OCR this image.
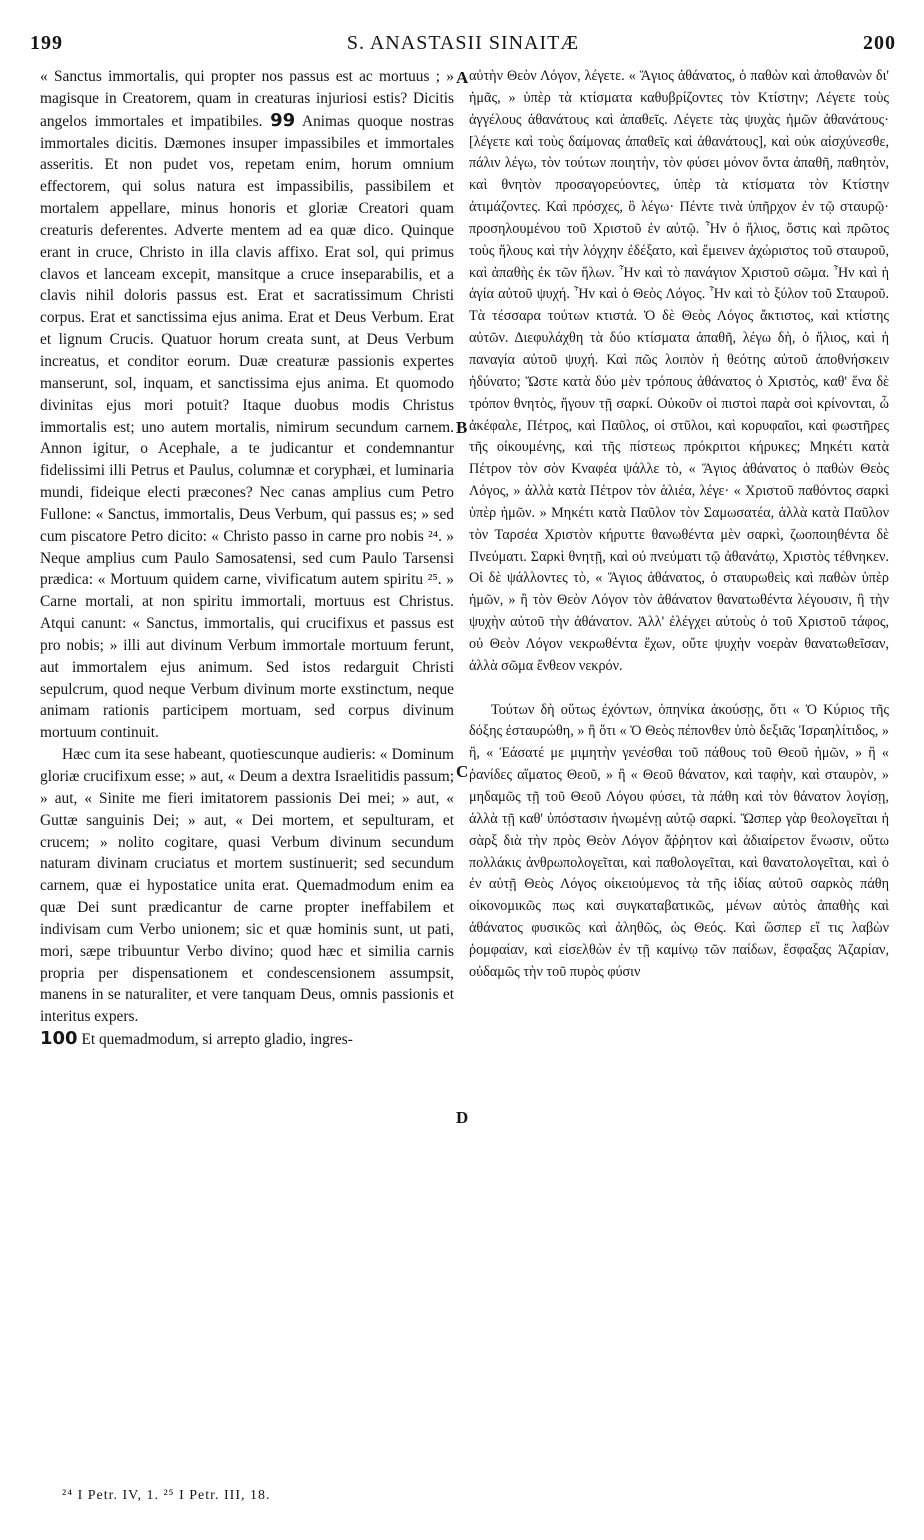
199	S. ANASTASII SINAITÆ	200

« Sanctus immortalis, qui propter nos passus est ac mortuus ; » magisque in Creatorem, quam in creaturas injuriosi estis? Dicitis angelos immortales et impatibiles. 99 Animas quoque nostras immortales dicitis. Dæmones insuper impassibiles et immortales asseritis. Et non pudet vos, repetam enim, horum omnium effectorem, qui solus natura est impassibilis, passibilem et mortalem appellare, minus honoris et gloriæ Creatori quam creaturis deferentes. Adverte mentem ad ea quæ dico. Quinque erant in cruce, Christo in illa clavis affixo. Erat sol, qui primus clavos et lanceam excepit, mansitque a cruce inseparabilis, et a clavis nihil doloris passus est. Erat et sacratissimum Christi corpus. Erat et sanctissima ejus anima. Erat et Deus Verbum. Erat et lignum Crucis. Quatuor horum creata sunt, at Deus Verbum increatus, et conditor eorum. Duæ creaturæ passionis expertes manserunt, sol, inquam, et sanctissima ejus anima. Et quomodo divinitas ejus mori potuit? Itaque duobus modis Christus immortalis est; uno autem mortalis, nimirum secundum carnem. Annon igitur, o Acephale, a te judicantur et condemnantur fidelissimi illi Petrus et Paulus, columnæ et coryphæi, et luminaria mundi, fideique electi præcones? Nec canas amplius cum Petro Fullone: « Sanctus, immortalis, Deus Verbum, qui passus es; » sed cum piscatore Petro dicito: « Christo passo in carne pro nobis ²⁴. » Neque amplius cum Paulo Samosatensi, sed cum Paulo Tarsensi prædica: « Mortuum quidem carne, vivificatum autem spiritu ²⁵. » Carne mortali, at non spiritu immortali, mortuus est Christus. Atqui canunt: « Sanctus, immortalis, qui crucifixus et passus est pro nobis; » illi aut divinum Verbum immortale mortuum ferunt, aut immortalem ejus animum. Sed istos redarguit Christi sepulcrum, quod neque Verbum divinum morte exstinctum, neque animam rationis participem mortuam, sed corpus divinum mortuum continuit.

Hæc cum ita sese habeant, quotiescunque audieris: « Dominum gloriæ crucifixum esse; » aut, « Deum a dextra Israelitidis passum; » aut, « Sinite me fieri imitatorem passionis Dei mei; » aut, « Guttæ sanguinis Dei; » aut, « Dei mortem, et sepulturam, et crucem; » nolito cogitare, quasi Verbum divinum secundum naturam divinam cruciatus et mortem sustinuerit; sed secundum carnem, quæ ei hypostatice unita erat. Quemadmodum enim ea quæ Dei sunt prædicantur de carne propter ineffabilem et indivisam cum Verbo unionem; sic et quæ hominis sunt, ut pati, mori, sæpe tribuuntur Verbo divino; quod hæc et similia carnis propria per dispensationem et condescensionem assumpsit, manens in se naturaliter, et vere tanquam Deus, omnis passionis et interitus expers.

100 Et quemadmodum, si arrepto gladio, ingres-

A
B
C
D

αὐτὴν Θεὸν Λόγον, λέγετε. « Ἅγιος ἀθάνατος, ὁ παθὼν καὶ ἀποθανὼν δι' ἡμᾶς, » ὑπὲρ τὰ κτίσματα καθυβρίζοντες τὸν Κτίστην; Λέγετε τοὺς ἀγγέλους ἀθανάτους καὶ ἀπαθεῖς. Λέγετε τὰς ψυχὰς ἡμῶν ἀθανάτους· [λέγετε καὶ τοὺς δαίμονας ἀπαθεῖς καὶ ἀθανάτους], καὶ οὐκ αἰσχύνεσθε, πάλιν λέγω, τὸν τούτων ποιητὴν, τὸν φύσει μόνον ὄντα ἀπαθῆ, παθητὸν, καὶ θνητὸν προσαγορεύοντες, ὑπὲρ τὰ κτίσματα τὸν Κτίστην ἀτιμάζοντες. Καὶ πρόσχες, ὃ λέγω· Πέντε τινὰ ὑπῆρχον ἐν τῷ σταυρῷ· προσηλουμένου τοῦ Χριστοῦ ἐν αὐτῷ. Ἦν ὁ ἥλιος, ὅστις καὶ πρῶτος τοὺς ἥλους καὶ τὴν λόγχην ἐδέξατο, καὶ ἔμεινεν ἀχώριστος τοῦ σταυροῦ, καὶ ἀπαθὴς ἐκ τῶν ἥλων. Ἦν καὶ τὸ πανάγιον Χριστοῦ σῶμα. Ἦν καὶ ἡ ἁγία αὐτοῦ ψυχή. Ἦν καὶ ὁ Θεὸς Λόγος. Ἦν καὶ τὸ ξύλον τοῦ Σταυροῦ. Τὰ τέσσαρα τούτων κτιστά. Ὁ δὲ Θεὸς Λόγος ἄκτιστος, καὶ κτίστης αὐτῶν. Διεφυλάχθη τὰ δύο κτίσματα ἀπαθῆ, λέγω δὴ, ὁ ἥλιος, καὶ ἡ παναγία αὐτοῦ ψυχή. Καὶ πῶς λοιπὸν ἡ θεότης αὐτοῦ ἀποθνήσκειν ἠδύνατο; Ὥστε κατὰ δύο μὲν τρόπους ἀθάνατος ὁ Χριστὸς, καθ' ἕνα δὲ τρόπον θνητὸς, ἤγουν τῇ σαρκί. Οὐκοῦν οἱ πιστοὶ παρὰ σοὶ κρίνονται, ὦ ἀκέφαλε, Πέτρος, καὶ Παῦλος, οἱ στῦλοι, καὶ κορυφαῖοι, καὶ φωστῆρες τῆς οἰκουμένης, καὶ τῆς πίστεως πρόκριτοι κήρυκες; Μηκέτι κατὰ Πέτρον τὸν σὸν Κναφέα ψάλλε τὸ, « Ἅγιος ἀθάνατος ὁ παθὼν Θεὸς Λόγος, » ἀλλὰ κατὰ Πέτρον τὸν ἁλιέα, λέγε· « Χριστοῦ παθόντος σαρκὶ ὑπὲρ ἡμῶν. » Μηκέτι κατὰ Παῦλον τὸν Σαμωσατέα, ἀλλὰ κατὰ Παῦλον τὸν Ταρσέα Χριστὸν κήρυττε θανωθέντα μὲν σαρκὶ, ζωοποιηθέντα δὲ Πνεύματι. Σαρκὶ θνητῇ, καὶ οὐ πνεύματι τῷ ἀθανάτῳ, Χριστὸς τέθνηκεν. Οἱ δὲ ψάλλοντες τὸ, « Ἅγιος ἀθάνατος, ὁ σταυρωθεὶς καὶ παθὼν ὑπὲρ ἡμῶν, » ἢ τὸν Θεὸν Λόγον τὸν ἀθάνατον θανατωθέντα λέγουσιν, ἢ τὴν ψυχὴν αὐτοῦ τὴν ἀθάνατον. Ἀλλ' ἐλέγχει αὐτοὺς ὁ τοῦ Χριστοῦ τάφος, οὐ Θεὸν Λόγον νεκρωθέντα ἔχων, οὔτε ψυχὴν νοερὰν θανατωθεῖσαν, ἀλλὰ σῶμα ἔνθεον νεκρόν.

Τούτων δὴ οὕτως ἐχόντων, ὁπηνίκα ἀκούσῃς, ὅτι « Ὁ Κύριος τῆς δόξης ἐσταυρώθη, » ἢ ὅτι « Ὁ Θεὸς πέπονθεν ὑπὸ δεξιᾶς Ἰσραηλίτιδος, » ἢ, « Ἐάσατέ με μιμητὴν γενέσθαι τοῦ πάθους τοῦ Θεοῦ ἡμῶν, » ἢ « ῥανίδες αἵματος Θεοῦ, » ἢ « Θεοῦ θάνατον, καὶ ταφὴν, καὶ σταυρὸν, » μηδαμῶς τῇ τοῦ Θεοῦ Λόγου φύσει, τὰ πάθη καὶ τὸν θάνατον λογίσῃ, ἀλλὰ τῇ καθ' ὑπόστασιν ἡνωμένῃ αὐτῷ σαρκί. Ὥσπερ γὰρ θεολογεῖται ἡ σὰρξ διὰ τὴν πρὸς Θεὸν Λόγον ἄῤῥητον καὶ ἀδιαίρετον ἕνωσιν, οὕτω πολλάκις ἀνθρωπολογεῖται, καὶ παθολογεῖται, καὶ θανατολογεῖται, καὶ ὁ ἐν αὐτῇ Θεὸς Λόγος οἰκειούμενος τὰ τῆς ἰδίας αὐτοῦ σαρκὸς πάθη οἰκονομικῶς πως καὶ συγκαταβατικῶς, μένων αὐτὸς ἀπαθὴς καὶ ἀθάνατος φυσικῶς καὶ ἀληθῶς, ὡς Θεός. Καὶ ὥσπερ εἴ τις λαβὼν ῥομφαίαν, καὶ εἰσελθὼν ἐν τῇ καμίνῳ τῶν παίδων, ἔσφαξας Ἀζαρίαν, οὐδαμῶς τὴν τοῦ πυρὸς φύσιν

²⁴ I Petr. IV, 1. ²⁵ I Petr. III, 18.
